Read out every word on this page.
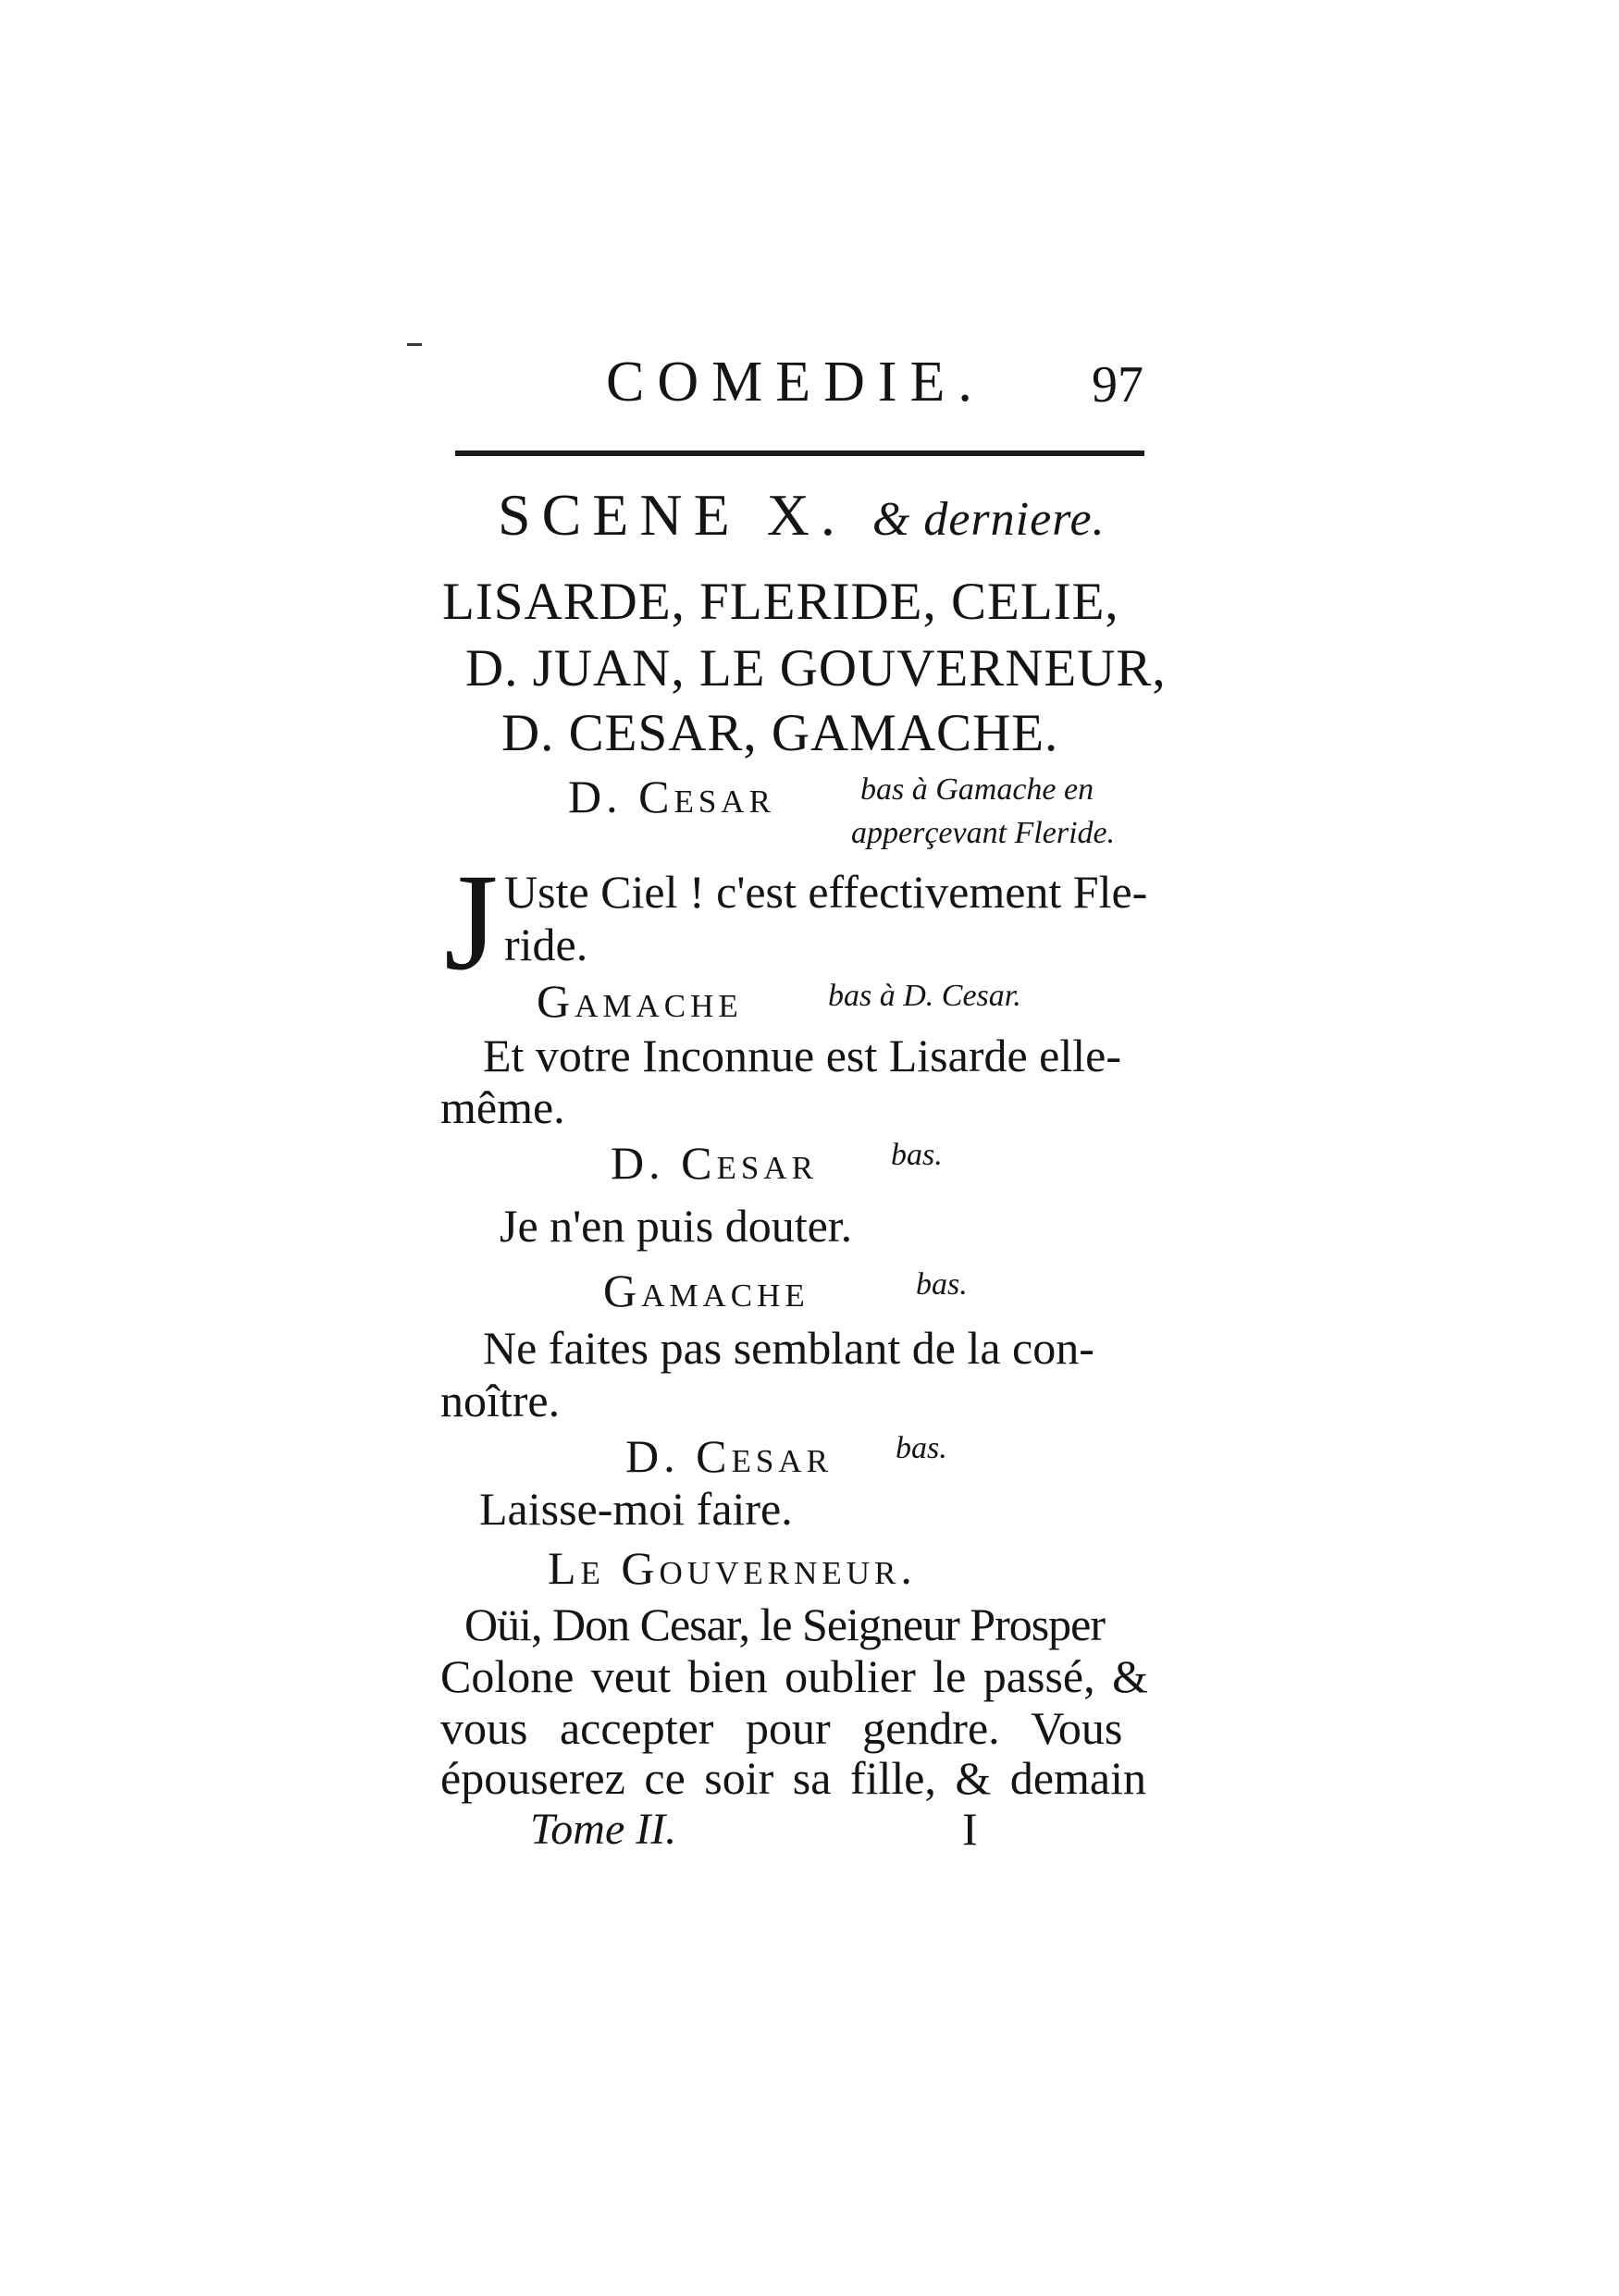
COMEDIE. 97
SCENE X. & derniere.
LISARDE, FLERIDE, CELIE,
D. JUAN, LE GOUVERNEUR,
D. CESAR, GAMACHE.
D. Cesar	bas à Gamache en
apperçevant Fleride.
J Uste Ciel ! c'est effectivement Fle-
ride.
Gamache	bas à D. Cesar.
Et votre Inconnue est Lisarde elle-
même.
D. Cesar bas.
Je n'en puis douter.
Gamache	bas.
Ne faites pas semblant de la con-
noître.
D. Cesar bas.
Laisse-moi faire.
Le Gouverneur.
Oüi, Don Cesar, le Seigneur Prosper
Colone veut bien oublier le passé, &
vous accepter pour gendre. Vous
épouserez ce soir sa fille, & demain
Tome II.	I
